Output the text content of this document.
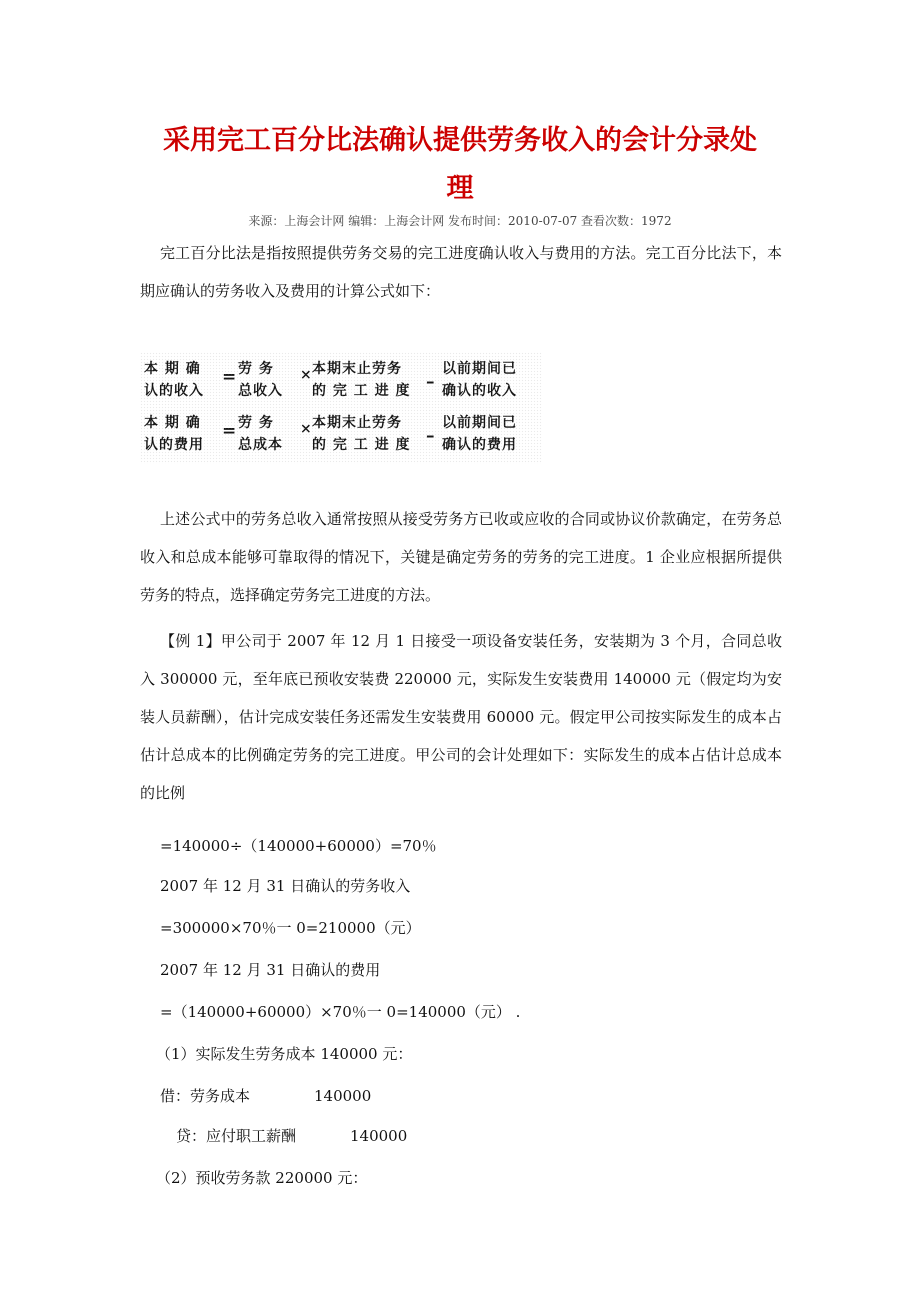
采用完工百分比法确认提供劳务收入的会计分录处
理
来源：上海会计网 编辑：上海会计网 发布时间：2010-07-07 查看次数：1972

完工百分比法是指按照提供劳务交易的完工进度确认收入与费用的方法。完工百分比法下，本期应确认的劳务收入及费用的计算公式如下：

本 期 确
认的收入
= 劳 务
总收入
× 本期末止劳务
的 完 工 进 度 –
以前期间已
确认的收入
本 期 确
认的费用
= 劳 务
总成本
× 本期末止劳务
的 完 工 进 度 –
以前期间已
确认的费用

上述公式中的劳务总收入通常按照从接受劳务方已收或应收的合同或协议价款确定，在劳务总收入和总成本能够可靠取得的情况下，关键是确定劳务的劳务的完工进度。1 企业应根据所提供劳务的特点，选择确定劳务完工进度的方法。

【例 1】甲公司于 2007 年 12 月 1 日接受一项设备安装任务，安装期为 3 个月，合同总收入 300000 元，至年底已预收安装费 220000 元，实际发生安装费用 140000 元（假定均为安装人员薪酬），估计完成安装任务还需发生安装费用 60000 元。假定甲公司按实际发生的成本占估计总成本的比例确定劳务的完工进度。甲公司的会计处理如下：实际发生的成本占估计总成本的比例

=140000÷（140000+60000）=70％
2007 年 12 月 31 日确认的劳务收入
=300000×70％一 0=210000（元）
2007 年 12 月 31 日确认的费用
=（140000+60000）×70％一 0=140000（元） .
（1）实际发生劳务成本 140000 元：
借：劳务成本	140000
贷：应付职工薪酬	140000
（2）预收劳务款 220000 元：
